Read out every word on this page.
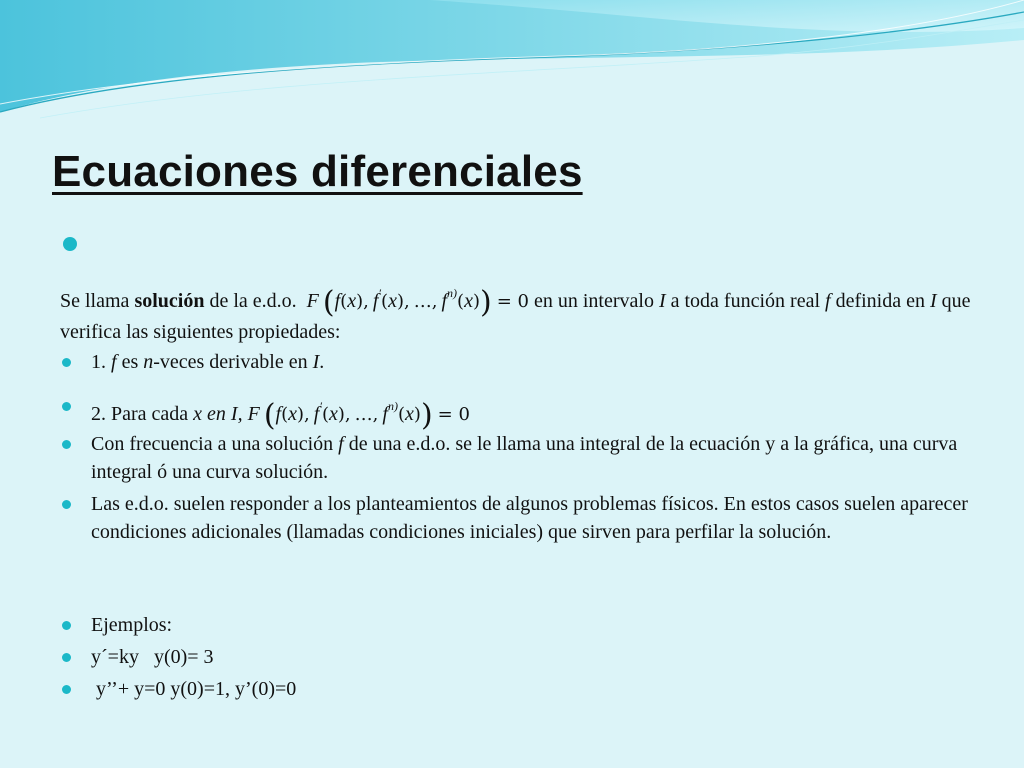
Ecuaciones diferenciales

Se llama solución de la e.d.o. F  (f(x),  f′(x),  …,  $f^{n)}(x)) = 0$ en un intervalo I a toda función real f definida en I que verifica las siguientes propiedades:

1. f es n-veces derivable en I.
2. Para cada x en I, F  (f(x),  f′(x),  …,  $f^{n)}(x)) = 0$
Con frecuencia a una solución f de una e.d.o. se le llama una integral de la ecuación y a la gráfica, una curva integral ó una curva solución.
Las e.d.o. suelen responder a los planteamientos de algunos problemas físicos. En estos casos suelen aparecer condiciones adicionales (llamadas condiciones iniciales) que sirven para perfilar la solución.
Ejemplos:
y´=ky   y(0)= 3
y’’+ y=0 y(0)=1, y’(0)=0
